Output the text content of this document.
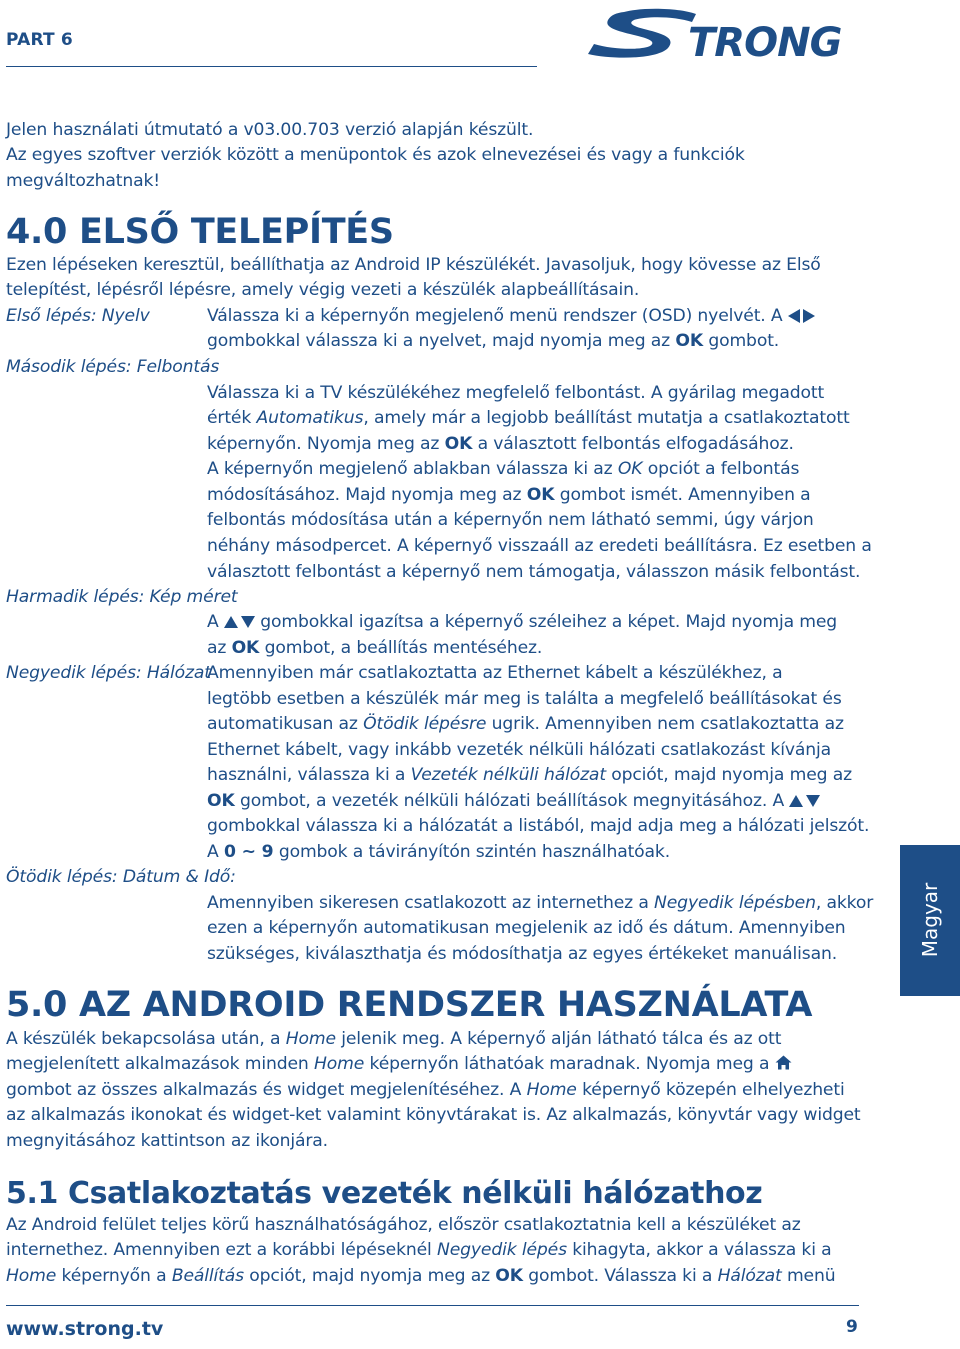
PART 6	TRONG
Jelen használati útmutató a v03.00.703 verzió alapján készült.
Az egyes szoftver verziók között a menüpontok és azok elnevezései és vagy a funkciók
megváltozhatnak!
4.0 ELSŐ TELEPÍTÉS
Ezen lépéseken keresztül, beállíthatja az Android IP készülékét. Javasoljuk, hogy kövesse az Első
telepítést, lépésről lépésre, amely végig vezeti a készülék alapbeállításain.
Első lépés: Nyelv	Válassza ki a képernyőn megjelenő menü rendszer (OSD) nyelvét. A
gombokkal válassza ki a nyelvet, majd nyomja meg az OK gombot.
Második lépés: Felbontás
Válassza ki a TV készülékéhez megfelelő felbontást. A gyárilag megadott
érték Automatikus, amely már a legjobb beállítást mutatja a csatlakoztatott
képernyőn. Nyomja meg az OK a választott felbontás elfogadásához.
A képernyőn megjelenő ablakban válassza ki az OK opciót a felbontás
módosításához. Majd nyomja meg az OK gombot ismét. Amennyiben a
felbontás módosítása után a képernyőn nem látható semmi, úgy várjon
néhány másodpercet. A képernyő visszaáll az eredeti beállításra. Ez esetben a
választott felbontást a képernyő nem támogatja, válasszon másik felbontást.
Harmadik lépés: Kép méret
A gombokkal igazítsa a képernyő széleihez a képet. Majd nyomja meg
az OK gombot, a beállítás mentéséhez.
Negyedik lépés: Hálózat
Amennyiben már csatlakoztatta az Ethernet kábelt a készülékhez, a
legtöbb esetben a készülék már meg is találta a megfelelő beállításokat és
automatikusan az Ötödik lépésre ugrik. Amennyiben nem csatlakoztatta az
Ethernet kábelt, vagy inkább vezeték nélküli hálózati csatlakozást kívánja
használni, válassza ki a Vezeték nélküli hálózat opciót, majd nyomja meg az
OK gombot, a vezeték nélküli hálózati beállítások megnyitásához. A
gombokkal válassza ki a hálózatát a listából, majd adja meg a hálózati jelszót.
A 0 ~ 9 gombok a távirányítón szintén használhatóak.
Ötödik lépés: Dátum & Idő:
Amennyiben sikeresen csatlakozott az internethez a Negyedik lépésben, akkor
ezen a képernyőn automatikusan megjelenik az idő és dátum. Amennyiben
szükséges, kiválaszthatja és módosíthatja az egyes értékeket manuálisan.
5.0 AZ ANDROID RENDSZER HASZNÁLATA
A készülék bekapcsolása után, a Home jelenik meg. A képernyő alján látható tálca és az ott
megjelenített alkalmazások minden Home képernyőn láthatóak maradnak. Nyomja meg a
gombot az összes alkalmazás és widget megjelenítéséhez. A Home képernyő közepén elhelyezheti
az alkalmazás ikonokat és widget-ket valamint könyvtárakat is. Az alkalmazás, könyvtár vagy widget
megnyitásához kattintson az ikonjára.
5.1 Csatlakoztatás vezeték nélküli hálózathoz
Az Android felület teljes körű használhatóságához, először csatlakoztatnia kell a készüléket az
internethez. Amennyiben ezt a korábbi lépéseknél Negyedik lépés kihagyta, akkor a válassza ki a
Home képernyőn a Beállítás opciót, majd nyomja meg az OK gombot. Válassza ki a Hálózat menü
Magyar
www.strong.tv	9
